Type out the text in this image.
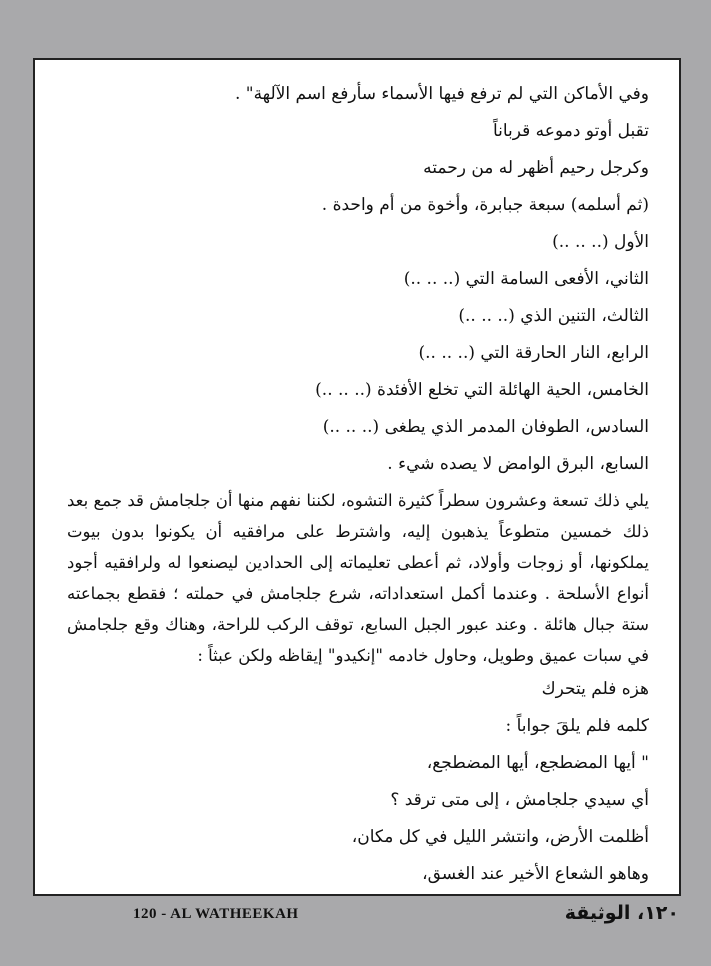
وفي الأماكن التي لم ترفع فيها الأسماء سأرفع اسم الآلهة" .
تقبل أوتو دموعه قرباناً
وكرجل رحيم أظهر له من رحمته
(ثم أسلمه) سبعة جبابرة، وأخوة من أم واحدة .
الأول (.. .. ..)
الثاني، الأفعى السامة التي (.. .. ..)
الثالث، التنين الذي (.. .. ..)
الرابع، النار الحارقة التي (.. .. ..)
الخامس، الحية الهائلة التي تخلع الأفئدة (.. .. ..)
السادس، الطوفان المدمر الذي يطغى (.. .. ..)
السابع، البرق الوامض لا يصده شيء .
يلي ذلك تسعة وعشرون سطراً كثيرة التشوه، لكننا نفهم منها أن جلجامش قد جمع بعد ذلك خمسين متطوعاً يذهبون إليه، واشترط على مرافقيه أن يكونوا بدون بيوت يملكونها، أو زوجات وأولاد، ثم أعطى تعليماته إلى الحدادين ليصنعوا له ولرافقيه أجود أنواع الأسلحة . وعندما أكمل استعداداته، شرع جلجامش في حملته ؛ فقطع بجماعته ستة جبال هائلة . وعند عبور الجبل السابع، توقف الركب للراحة، وهناك وقع جلجامش في سبات عميق وطويل، وحاول خادمه "إنكيدو" إيقاظه ولكن عبثاً :
هزه فلم يتحرك
كلمه فلم يلقَ جواباً :
" أيها المضطجع، أيها المضطجع،
أي سيدي جلجامش ، إلى متى ترقد ؟
أظلمت الأرض، وانتشر الليل في كل مكان،
وهاهو الشعاع الأخير عند الغسق،
120 - AL WATHEEKAH	١٢٠، الوثيقة
